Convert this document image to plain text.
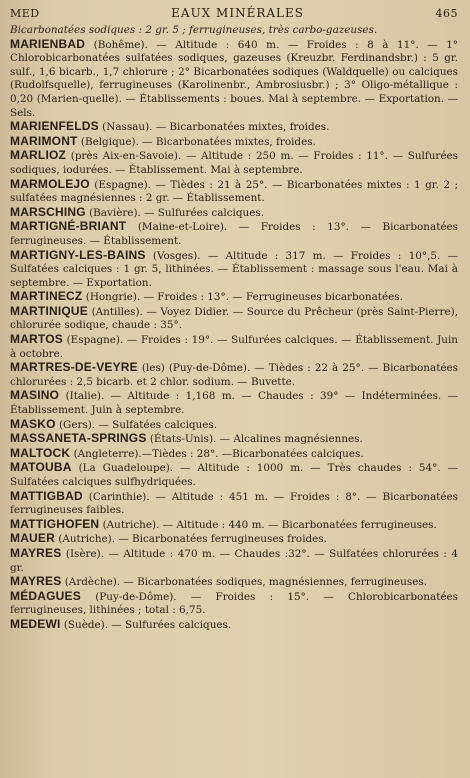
MED	EAUX MINÉRALES	465
Bicarbonatées sodiques : 2 gr. 5 ; ferrugineuses, très carbo-gazeuses.
MARIENBAD (Bohême). — Altitude : 640 m. — Froides : 8 à 11°. — 1° Chlorobicarbonatées sulfatées sodiques, gazeuses (Kreuzbr. Ferdinandsbr.) : 5 gr. sulf., 1,6 bicarb., 1,7 chlorure ; 2° Bicarbonatées sodiques (Waldquelle) ou calciques (Rudolfsquelle), ferrugineuses (Karolinenbr., Ambrosiusbr.) ; 3° Oligo-métallique : 0,20 (Marien-quelle). — Établissements : boues. Mai à septembre. — Exportation. — Sels.
MARIENFELDS (Nassau). — Bicarbonatées mixtes, froides.
MARIMONT (Belgique). — Bicarbonatées mixtes, froides.
MARLIOZ (près Aix-en-Savoie). — Altitude : 250 m. — Froides : 11°. — Sulfurées sodiques, iodurées. — Établissement. Mai à septembre.
MARMOLEJO (Espagne). — Tièdes : 21 à 25°. — Bicarbonatées mixtes : 1 gr. 2 ; sulfatées magnésiennes : 2 gr. — Établissement.
MARSCHING (Bavière). — Sulfurées calciques.
MARTIGNÉ-BRIANT (Maine-et-Loire). — Froides : 13°. — Bicarbonatées ferrugineuses. — Établissement.
MARTIGNY-LES-BAINS (Vosges). — Altitude : 317 m. — Froides : 10°,5. — Sulfatées calciques : 1 gr. 5, lithinées. — Établissement : massage sous l'eau. Mai à septembre. — Exportation.
MARTINECZ (Hongrie). — Froides : 13°. — Ferrugineuses bicarbonatées.
MARTINIQUE (Antilles). — Voyez Didier. — Source du Prêcheur (près Saint-Pierre), chlorurée sodique, chaude : 35°.
MARTOS (Espagne). — Froides : 19°. — Sulfurées calciques. — Établissement. Juin à octobre.
MARTRES-DE-VEYRE (les) (Puy-de-Dôme). — Tièdes : 22 à 25°. — Bicarbonatées chlorurées : 2,5 bicarb. et 2 chlor. sodium. — Buvette.
MASINO (Italie). — Altitude : 1,168 m. — Chaudes : 39° — Indéterminées. — Établissement. Juin à septembre.
MASKO (Gers). — Sulfatées calciques.
MASSANETA-SPRINGS (États-Unis). — Alcalines magnésiennes.
MALTOCK (Angleterre).—Tièdes : 28°. —Bicarbonatées calciques.
MATOUBA (La Guadeloupe). — Altitude : 1000 m. — Très chaudes : 54°. — Sulfatées calciques sulfhydriquées.
MATTIGBAD (Carinthie). — Altitude : 451 m. — Froides : 8°. — Bicarbonatées ferrugineuses faibles.
MATTIGHOFEN (Autriche). — Altitude : 440 m. — Bicarbonatées ferrugineuses.
MAUER (Autriche). — Bicarbonatées ferrugineuses froides.
MAYRES (Isère). — Altitude : 470 m. — Chaudes :32°. — Sulfatées chlorurées : 4 gr.
MAYRES (Ardèche). — Bicarbonatées sodiques, magnésiennes, ferrugineuses.
MÉDAGUES (Puy-de-Dôme). — Froides : 15°. — Chlorobicarbonatées ferrugineuses, lithinées ; total : 6,75.
MEDEWI (Suède). — Sulfurées calciques.
